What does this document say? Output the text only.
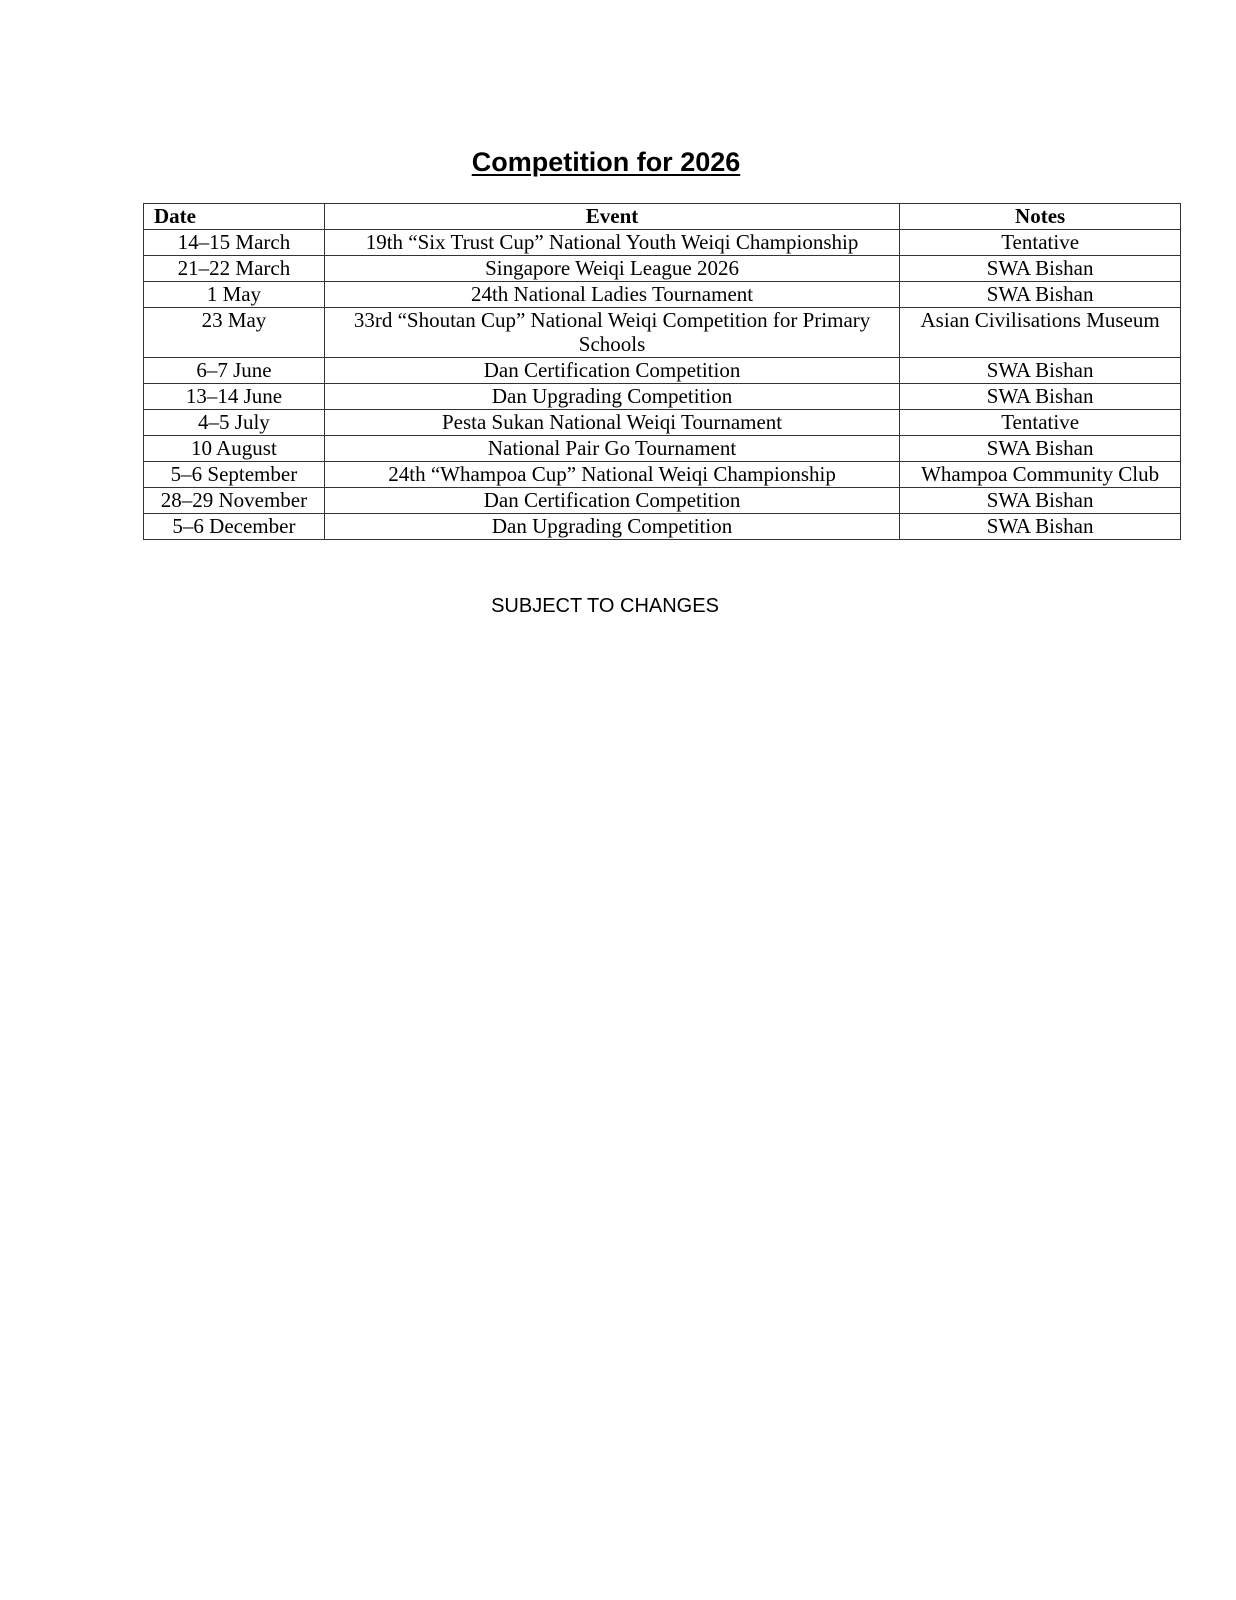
Competition for 2026
Date	Event	Notes
14–15 March	19th “Six Trust Cup” National Youth Weiqi Championship	Tentative
21–22 March	Singapore Weiqi League 2026	SWA Bishan
1 May	24th National Ladies Tournament	SWA Bishan
23 May	33rd “Shoutan Cup” National Weiqi Competition for Primary Schools	Asian Civilisations Museum
6–7 June	Dan Certification Competition	SWA Bishan
13–14 June	Dan Upgrading Competition	SWA Bishan
4–5 July	Pesta Sukan National Weiqi Tournament	Tentative
10 August	National Pair Go Tournament	SWA Bishan
5–6 September	24th “Whampoa Cup” National Weiqi Championship	Whampoa Community Club
28–29 November	Dan Certification Competition	SWA Bishan
5–6 December	Dan Upgrading Competition	SWA Bishan
SUBJECT TO CHANGES
